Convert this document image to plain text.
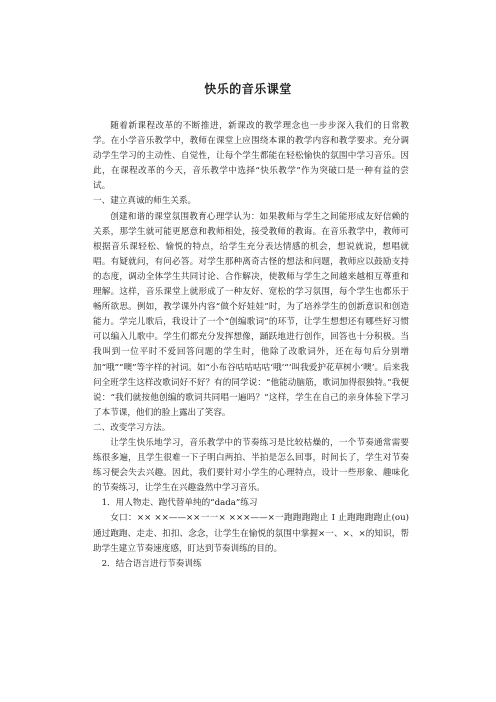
快乐的音乐课堂

随着新课程改革的不断推进，新课改的教学理念也一步步深入我们的日常教学。在小学音乐教学中，教师在课堂上应围绕本课的教学内容和教学要求。充分调动学生学习的主动性、自觉性，让每个学生都能在轻松愉快的氛围中学习音乐。因此，在课程改革的今天，音乐教学中选择“快乐教学”作为突破口是一种有益的尝试。

一、建立真诚的师生关系。

创建和谐的课堂氛围教育心理学认为：如果教师与学生之间能形成友好信赖的关系，那学生就可能更愿意和教师相处，接受教师的教诲。在音乐教学中，教师可根据音乐课轻松、愉悦的特点，给学生充分表达情感的机会，想说就说，想唱就唱。有疑就问，有问必答。对学生那种离奇古怪的想法和问题，教师应以鼓励支持的态度，调动全体学生共同讨论、合作解决，使教师与学生之间越来越相互尊重和理解。这样，音乐课堂上就形成了一种友好、宽松的学习氛围，每个学生也都乐于畅所欲思。例如，教学课外内容“做个好娃娃”时，为了培养学生的创新意识和创造能力。学完儿歌后，我设计了一个“创编歌词”的环节，让学生想想还有哪些好习惯可以编入儿歌中。学生们都充分发挥想像，踊跃地进行创作，回答也十分积极。当我叫到一位平时不爱回答问题的学生时，他除了改歌词外，还在每句后分别增加“哦”“噢”等字样的衬词。如“小布谷咕咕咕咕‘哦’“‘叫我爱护花草树小‘噢’。后来我问全班学生这样改歌词好不好？有的同学说：“他能动脑筋，歌词加得很独特。”我便说：“我们就按他创编的歌词共同唱一遍吗？”这样，学生在自己的亲身体验下学习了本节课，他们的脸上露出了笑容。

二、改变学习方法。

让学生快乐地学习，音乐教学中的节奏练习是比较枯燥的，一个节奏通常需要练很多遍，且学生很难一下子明白两拍、半拍是怎么回事，时间长了，学生对节奏练习便会失去兴趣。因此，我们要针对小学生的心理特点，设计一些形象、趣味化的节奏练习，让学生在兴趣盎然中学习音乐。

1．用人物走、跑代替单纯的“dada”练习

女口：×× ××——××一一× ×××——×一跑跑跑跑止 I 止跑跑跑跑止(ou)通过跑跑、走走、扣扣、念念，让学生在愉悦的氛围中掌握×一、×、×的知识，帮助学生建立节奏速度感，盯达到节奏训练的目的。

2．结合语言进行节奏训练
